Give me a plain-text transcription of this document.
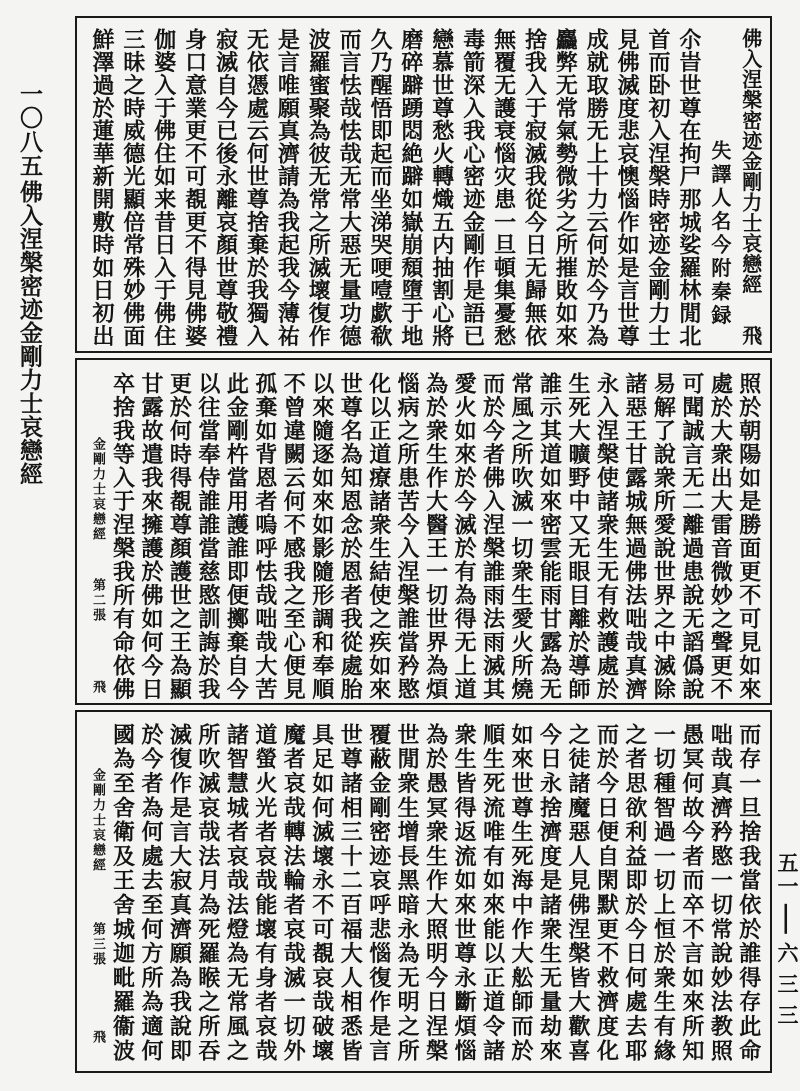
一〇八五
佛入涅槃密迹金剛力士哀戀經
五一
—
六三三
佛入涅槃密迹金剛力士哀戀經
飛
失譯人名今附秦録
尒旹世尊在拘尸那城娑羅林閒北
首而卧初入涅槃時密迹金剛力士
見佛滅度悲哀懊惱作如是言世尊
成就取勝无上十力云何於今乃為
麤弊无常氣勢微劣之所摧敗如來
捨我入于寂滅我從今日无歸無依
無覆无護衰惱灾患一旦頓集憂愁
毒箭深入我心密迹金剛作是語已
戀慕世尊愁火轉熾五内抽割心將
磨碎躃踴悶絶躃如嶽崩頹墮于地
久乃醒悟即起而坐涕哭哽噎歔欷
而言怯哉怯哉无常大惡无量功德
波羅蜜聚為彼无常之所滅壞復作
是言唯願真濟請為我起我今薄祐
无依憑處云何世尊捨棄於我獨入
寂滅自今已後永離哀顏世尊敬禮
身口意業更不可覩更不得見佛婆
伽婆入于佛住如来昔日入于佛住
三昧之時威德光顯倍常殊妙佛面
鮮澤過於蓮華新開敷時如日初出
照於朝陽如是勝面更不可見如來
處於大衆出大雷音微妙之聲更不
可聞誠言无二離過患說无謟僞說
易解了說衆所愛說世界之中滅除
諸惡王甘露城無過佛法咄哉真濟
永入涅槃使諸衆生无有救護處於
生死大曠野中又无眼目離於導師
誰示其道如來密雲能雨甘露為无
常風之所吹滅一切衆生愛火所燒
而於今者佛入涅槃誰雨法雨滅其
愛火如來於今滅於有為得无上道
為於衆生作大醫王一切世界為煩
惱病之所患苦今入涅槃誰當矜愍
化以正道療諸衆生結使之疾如來
世尊名為知恩念於恩者我從處胎
以來隨逐如來如影隨形調和奉順
不曾違闕云何不感我之至心便見
孤棄如背恩者嗚呼怯哉咄哉大苦
此金剛杵當用護誰即便擲棄自今
以往當奉侍誰誰當慈愍訓誨於我
更於何時得覩尊顏護世之王為顯
甘露故遣我來擁護於佛如何今日
卒捨我等入于涅槃我所有命依佛
金剛力士哀戀經
第二張
飛
而存一旦捨我當依於誰得存此命
咄哉真濟矜愍一切常說妙法教照
愚冥何故今者而卒不言如來所知
一切種智過一切上恒於衆生有緣
之者思欲利益即於今日何處去耶
而於今日便自閑默更不救濟度化
之徒諸魔惡人見佛涅槃皆大歡喜
今日永捨濟度是諸衆生无量劫來
如來世尊生死海中作大舩師而於
順生死流唯有如來能以正道令諸
衆生皆得返流如來世尊永斷煩惱
為於愚冥衆生作大照明今日涅槃
世閒衆生增長黑暗永為无明之所
覆蔽金剛密迹哀呼悲惱復作是言
世尊諸相三十二百福大人相悉皆
具足如何滅壞永不可覩哀哉破壞
魔者哀哉轉法輪者哀哉滅一切外
道螢火光者哀哉能壞有身者哀哉
諸智慧城者哀哉法燈為无常風之
所吹滅哀哉法月為死羅睺之所吞
滅復作是言大寂真濟願為我說即
於今者為何處去至何方所為適何
國為至舍衛及王舍城迦毗羅衞波
金剛力士哀戀經
第三張
飛
